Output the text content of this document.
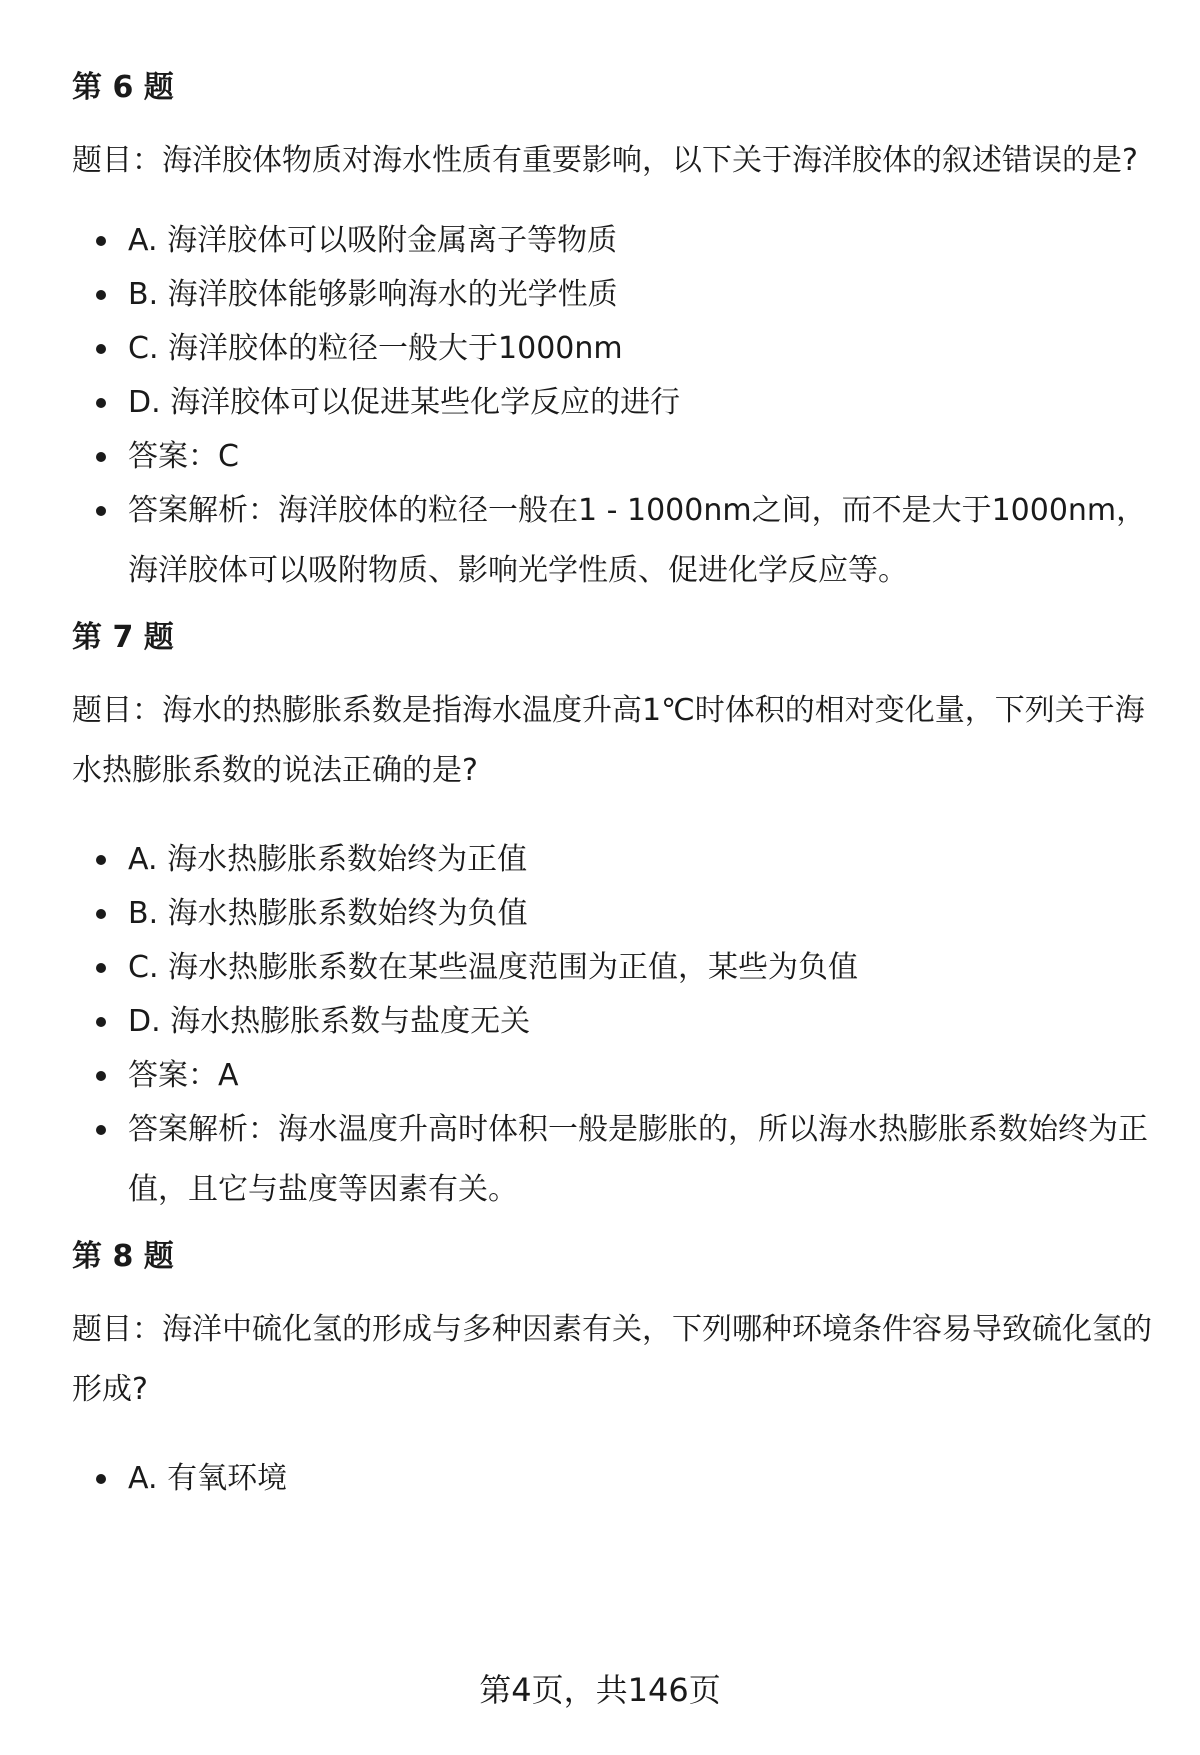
第 6 题
题目：海洋胶体物质对海水性质有重要影响，以下关于海洋胶体的叙述错误的是?
A. 海洋胶体可以吸附金属离子等物质
B. 海洋胶体能够影响海水的光学性质
C. 海洋胶体的粒径一般大于1000nm
D. 海洋胶体可以促进某些化学反应的进行
答案：C
答案解析：海洋胶体的粒径一般在1 - 1000nm之间，而不是大于1000nm，海洋胶体可以吸附物质、影响光学性质、促进化学反应等。
第 7 题
题目：海水的热膨胀系数是指海水温度升高1℃时体积的相对变化量，下列关于海水热膨胀系数的说法正确的是?
A. 海水热膨胀系数始终为正值
B. 海水热膨胀系数始终为负值
C. 海水热膨胀系数在某些温度范围为正值，某些为负值
D. 海水热膨胀系数与盐度无关
答案：A
答案解析：海水温度升高时体积一般是膨胀的，所以海水热膨胀系数始终为正值，且它与盐度等因素有关。
第 8 题
题目：海洋中硫化氢的形成与多种因素有关，下列哪种环境条件容易导致硫化氢的形成?
A. 有氧环境
第4页，共146页
